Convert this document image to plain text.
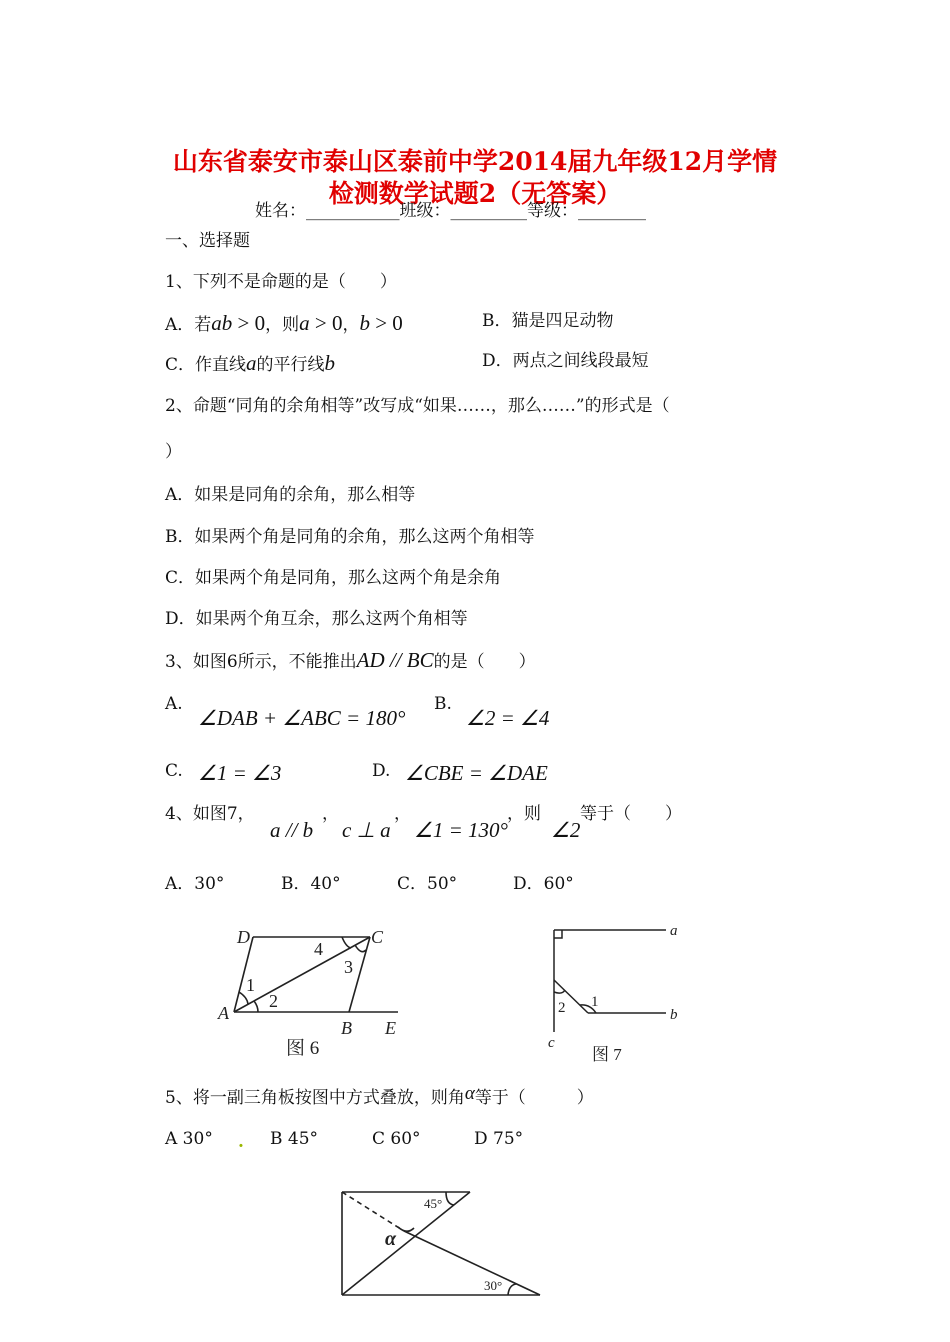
山东省泰安市泰山区泰前中学2014届九年级12月学情
检测数学试题2（无答案）
姓名：___________班级：_________等级：________
一、选择题
1、下列不是命题的是（　　）
A．若ab > 0，则a > 0，b > 0	B．猫是四足动物
C．作直线a的平行线b	D．两点之间线段最短
2、命题“同角的余角相等”改写成“如果……，那么……”的形式是（
）
A．如果是同角的余角，那么相等
B．如果两个角是同角的余角，那么这两个角相等
C．如果两个角是同角，那么这两个角是余角
D．如果两个角互余，那么这两个角相等
3、如图6所示，不能推出AD // BC的是（　　）
A.
∠DAB + ∠ABC = 180°
B.
∠2 = ∠4
C. ∠1 = ∠3	D. ∠CBE = ∠DAE
4、如图7，
a // b
，
c ⊥ a
，
∠1 = 130°
，则
∠2
等于（　　）
A．30°	B．40°	C．50°	D．60°
D	C
A
B E
1
2
3
4
图 6
a
b
c
1
2
图 7
5、将一副三角板按图中方式叠放，则角α等于（　　　）
A 30° . B 45°	C 60°	D 75°
45°
30°
α
